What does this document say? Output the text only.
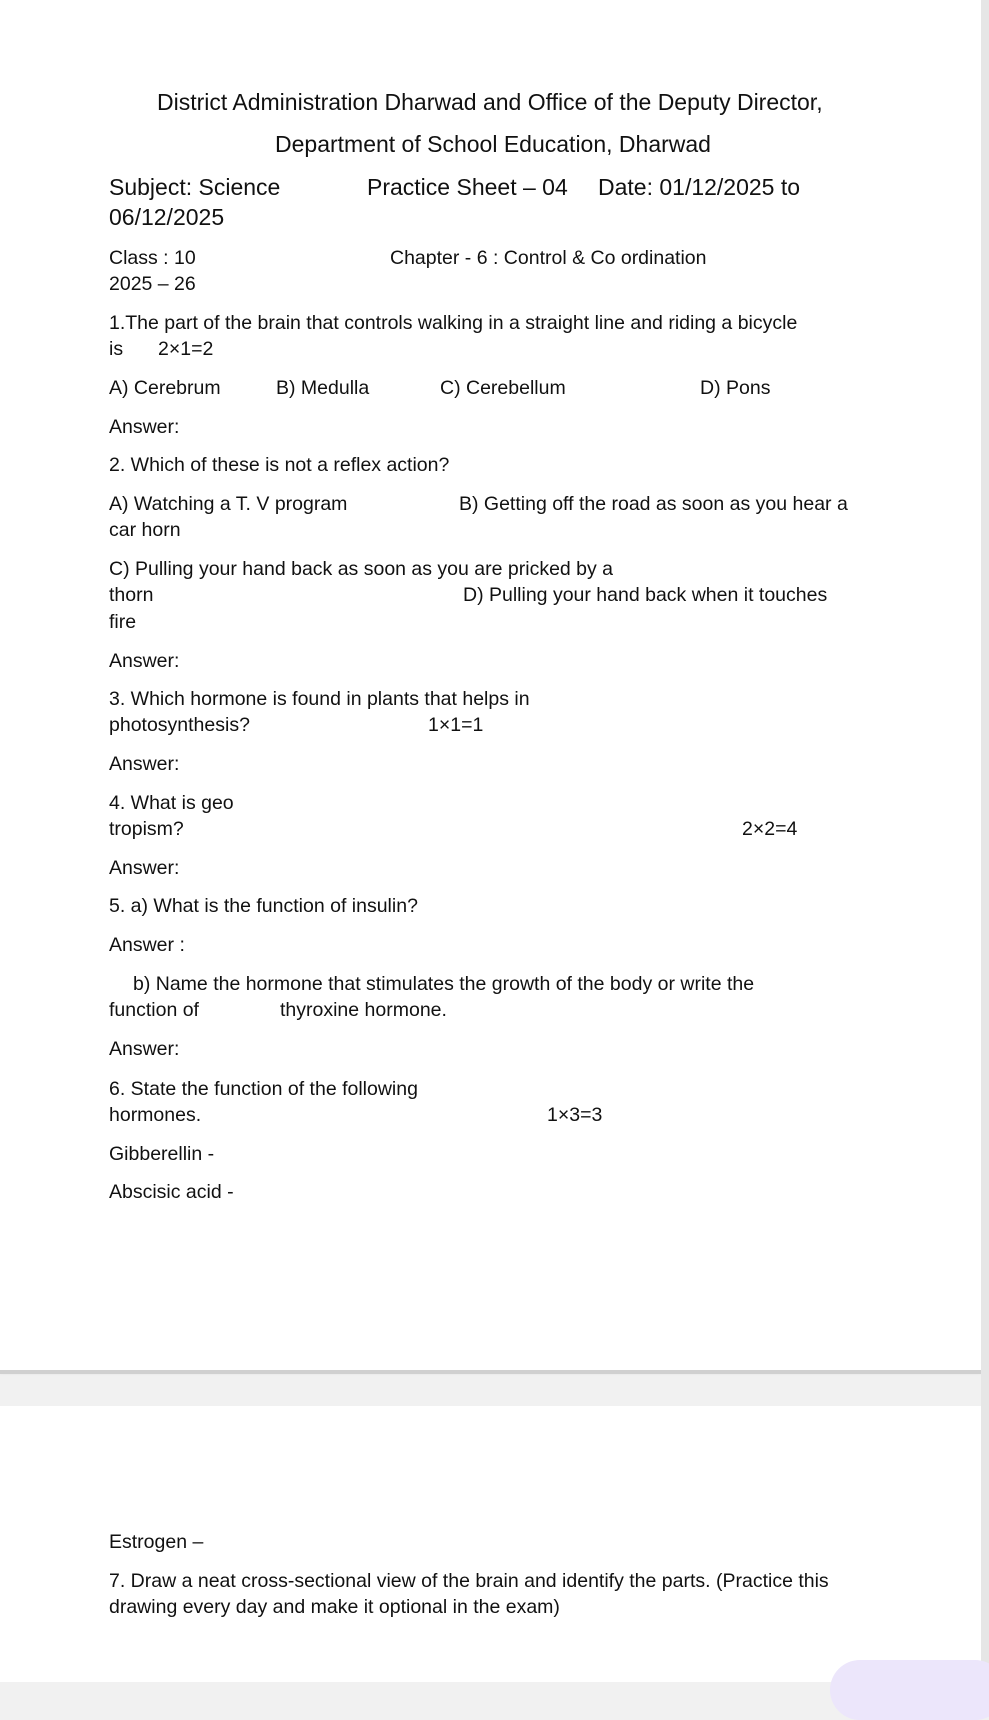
District Administration Dharwad and Office of the Deputy Director,
Department of School Education, Dharwad
Subject: Science	Practice Sheet – 04 Date: 01/12/2025 to
06/12/2025
Class : 10	Chapter - 6 : Control & Co ordination
2025 – 26
1.The part of the brain that controls walking in a straight line and riding a bicycle
is 2×1=2
A) Cerebrum	B) Medulla	C) Cerebellum	D) Pons
Answer:
2. Which of these is not a reflex action?
A) Watching a T. V program	B) Getting off the road as soon as you hear a
car horn
C) Pulling your hand back as soon as you are pricked by a
thorn	D) Pulling your hand back when it touches
fire
Answer:
3. Which hormone is found in plants that helps in
photosynthesis?	1×1=1
Answer:
4. What is geo
tropism?	2×2=4
Answer:
5. a) What is the function of insulin?
Answer :
b) Name the hormone that stimulates the growth of the body or write the
function of	thyroxine hormone.
Answer:
6. State the function of the following
hormones.	1×3=3
Gibberellin -
Abscisic acid -
Estrogen –
7. Draw a neat cross-sectional view of the brain and identify the parts. (Practice this
drawing every day and make it optional in the exam)
